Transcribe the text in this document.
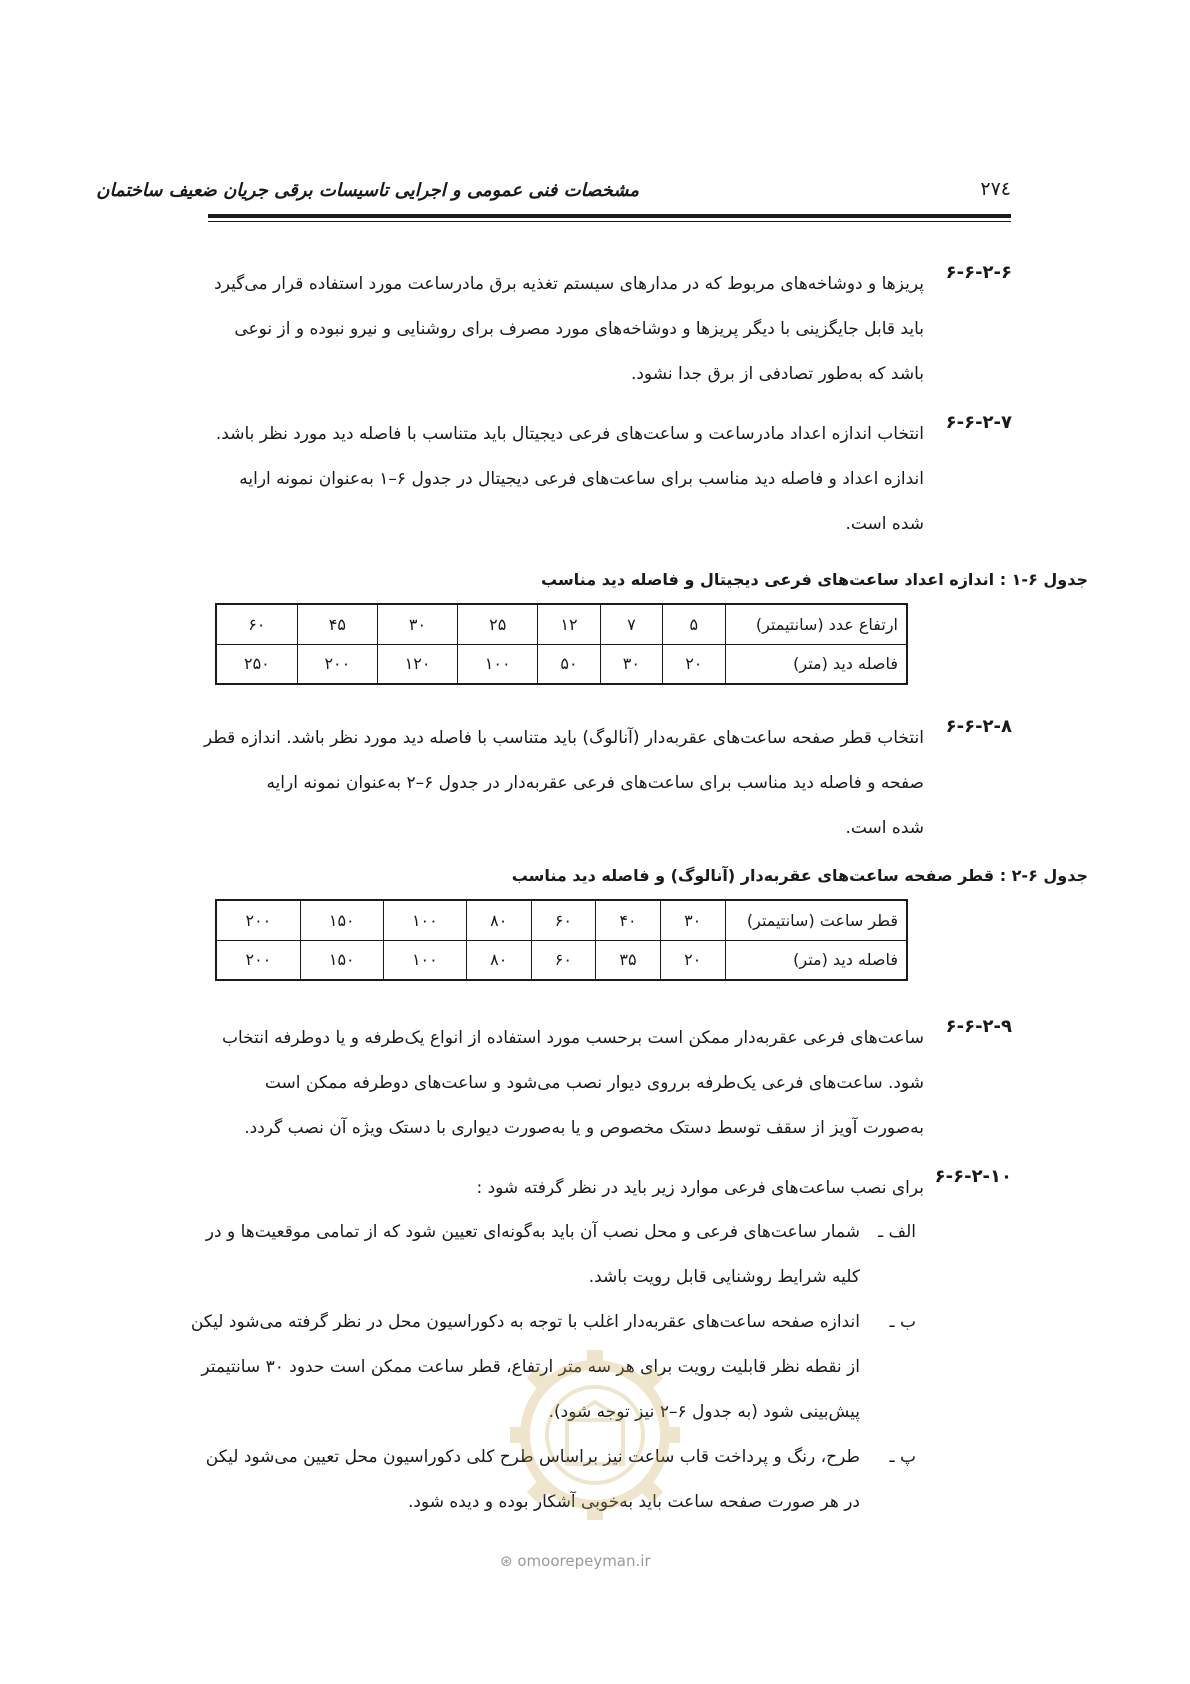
۲۷٤
مشخصات فنی عمومی و اجرایی تاسیسات برقی جریان ضعیف ساختمان
۶-۶-۲-۶
پریزها و دوشاخه‌های مربوط که در مدارهای سیستم تغذیه برق مادرساعت مورد استفاده قرار می‌گیرد
باید قابل جایگزینی با دیگر پریزها و دوشاخه‌های مورد مصرف برای روشنایی و نیرو نبوده و از نوعی
باشد که به‌طور تصادفی از برق جدا نشود.
۶-۶-۲-۷
انتخاب اندازه اعداد مادرساعت و ساعت‌های فرعی دیجیتال باید متناسب با فاصله دید مورد نظر باشد.
اندازه اعداد و فاصله دید مناسب برای ساعت‌های فرعی دیجیتال در جدول ۶–۱ به‌عنوان نمونه ارایه
شده است.
جدول ۶-۱ : اندازه اعداد ساعت‌های فرعی دیجیتال و فاصله دید مناسب
ارتفاع عدد (سانتیمتر)	۵	۷	۱۲	۲۵	۳۰	۴۵	۶۰
فاصله دید (متر)	۲۰	۳۰	۵۰	۱۰۰	۱۲۰	۲۰۰	۲۵۰
۶-۶-۲-۸
انتخاب قطر صفحه ساعت‌های عقربه‌دار (آنالوگ) باید متناسب با فاصله دید مورد نظر باشد. اندازه قطر
صفحه و فاصله دید مناسب برای ساعت‌های فرعی عقربه‌دار در جدول ۶–۲ به‌عنوان نمونه ارایه
شده است.
جدول ۶-۲ : قطر صفحه ساعت‌های عقربه‌دار (آنالوگ) و فاصله دید مناسب
قطر ساعت (سانتیمتر)	۳۰	۴۰	۶۰	۸۰	۱۰۰	۱۵۰	۲۰۰
فاصله دید (متر)	۲۰	۳۵	۶۰	۸۰	۱۰۰	۱۵۰	۲۰۰
۶-۶-۲-۹
ساعت‌های فرعی عقربه‌دار ممکن است برحسب مورد استفاده از انواع یک‌طرفه و یا دوطرفه انتخاب
شود. ساعت‌های فرعی یک‌طرفه برروی دیوار نصب می‌شود و ساعت‌های دوطرفه ممکن است
به‌صورت آویز از سقف توسط دستک مخصوص و یا به‌صورت دیواری با دستک ویژه آن نصب گردد.
۶-۶-۲-۱۰
برای نصب ساعت‌های فرعی موارد زیر باید در نظر گرفته شود :
الف ـ
شمار ساعت‌های فرعی و محل نصب آن باید به‌گونه‌ای تعیین شود که از تمامی موقعیت‌ها و در
کلیه شرایط روشنایی قابل رویت باشد.
ب ـ
اندازه صفحه ساعت‌های عقربه‌دار اغلب با توجه به دکوراسیون محل در نظر گرفته می‌شود لیکن
از نقطه نظر قابلیت رویت برای هر سه متر ارتفاع، قطر ساعت ممکن است حدود ۳۰ سانتیمتر
پیش‌بینی شود (به جدول ۶–۲ نیز توجه شود).
پ ـ
طرح، رنگ و پرداخت قاب ساعت نیز براساس طرح کلی دکوراسیون محل تعیین می‌شود لیکن
در هر صورت صفحه ساعت باید به‌خوبی آشکار بوده و دیده شود.
⊛ omoorepeyman.ir
